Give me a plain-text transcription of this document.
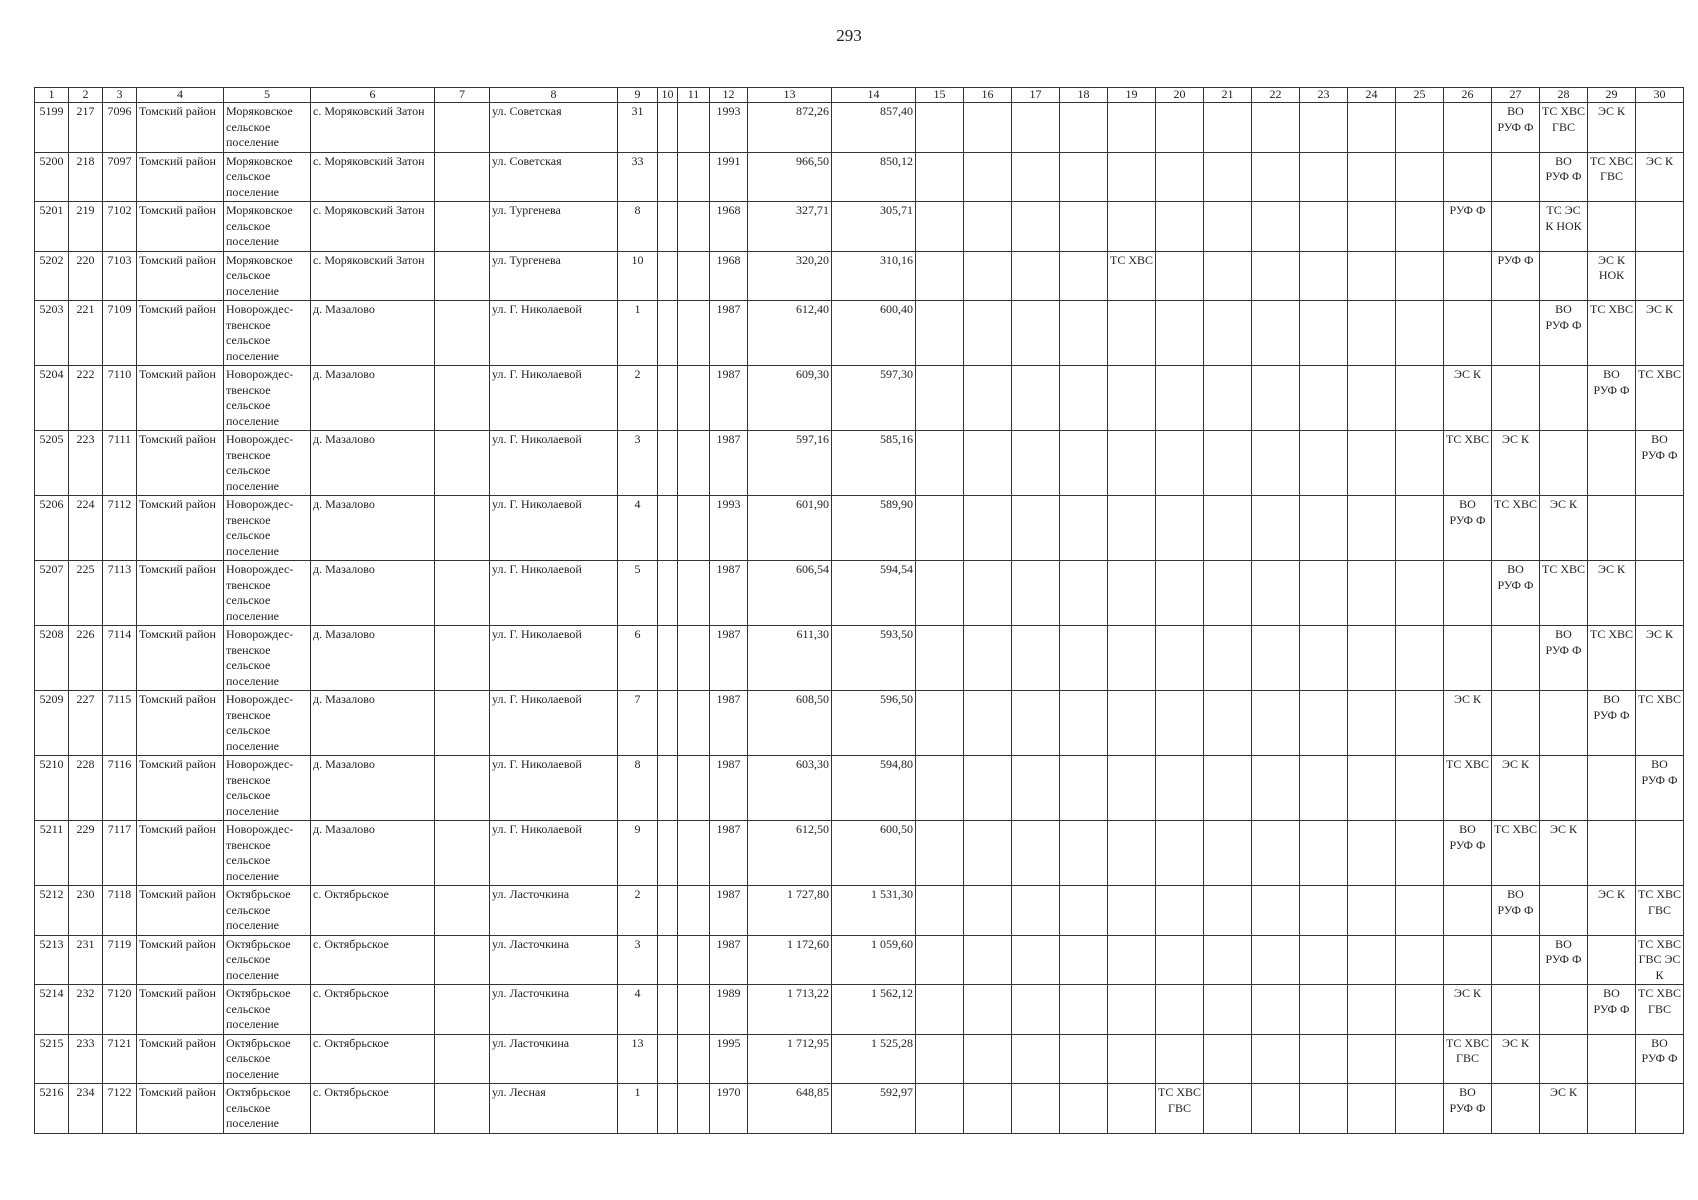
293
1	2	3	4	5	6	7	8	9	10	11	12	13	14	15	16	17	18	19	20	21	22	23	24	25	26	27	28	29	30
5199	217	7096	Томский район	Моряковское сельское поселение	с. Моряковский Затон		ул. Советская	31			1993	872,26	857,40													ВО РУФ Ф	ТС ХВС ГВС	ЭС К	
5200	218	7097	Томский район	Моряковское сельское поселение	с. Моряковский Затон		ул. Советская	33			1991	966,50	850,12														ВО РУФ Ф	ТС ХВС ГВС	ЭС К
5201	219	7102	Томский район	Моряковское сельское поселение	с. Моряковский Затон		ул. Тургенева	8			1968	327,71	305,71												РУФ Ф		ТС ЭС К НОК		
5202	220	7103	Томский район	Моряковское сельское поселение	с. Моряковский Затон		ул. Тургенева	10			1968	320,20	310,16					ТС ХВС								РУФ Ф		ЭС К НОК	
5203	221	7109	Томский район	Новорождес-твенское сельское поселение	д. Мазалово		ул. Г. Николаевой	1			1987	612,40	600,40														ВО РУФ Ф	ТС ХВС	ЭС К
5204	222	7110	Томский район	Новорождес-твенское сельское поселение	д. Мазалово		ул. Г. Николаевой	2			1987	609,30	597,30												ЭС К			ВО РУФ Ф	ТС ХВС
5205	223	7111	Томский район	Новорождес-твенское сельское поселение	д. Мазалово		ул. Г. Николаевой	3			1987	597,16	585,16												ТС ХВС	ЭС К			ВО РУФ Ф
5206	224	7112	Томский район	Новорождес-твенское сельское поселение	д. Мазалово		ул. Г. Николаевой	4			1993	601,90	589,90												ВО РУФ Ф	ТС ХВС	ЭС К		
5207	225	7113	Томский район	Новорождес-твенское сельское поселение	д. Мазалово		ул. Г. Николаевой	5			1987	606,54	594,54													ВО РУФ Ф	ТС ХВС	ЭС К	
5208	226	7114	Томский район	Новорождес-твенское сельское поселение	д. Мазалово		ул. Г. Николаевой	6			1987	611,30	593,50														ВО РУФ Ф	ТС ХВС	ЭС К
5209	227	7115	Томский район	Новорождес-твенское сельское поселение	д. Мазалово		ул. Г. Николаевой	7			1987	608,50	596,50												ЭС К			ВО РУФ Ф	ТС ХВС
5210	228	7116	Томский район	Новорождес-твенское сельское поселение	д. Мазалово		ул. Г. Николаевой	8			1987	603,30	594,80												ТС ХВС	ЭС К			ВО РУФ Ф
5211	229	7117	Томский район	Новорождес-твенское сельское поселение	д. Мазалово		ул. Г. Николаевой	9			1987	612,50	600,50												ВО РУФ Ф	ТС ХВС	ЭС К		
5212	230	7118	Томский район	Октябрьское сельское поселение	с. Октябрьское		ул. Ласточкина	2			1987	1 727,80	1 531,30													ВО РУФ Ф		ЭС К	ТС ХВС ГВС
5213	231	7119	Томский район	Октябрьское сельское поселение	с. Октябрьское		ул. Ласточкина	3			1987	1 172,60	1 059,60														ВО РУФ Ф		ТС ХВС ГВС ЭС К
5214	232	7120	Томский район	Октябрьское сельское поселение	с. Октябрьское		ул. Ласточкина	4			1989	1 713,22	1 562,12												ЭС К			ВО РУФ Ф	ТС ХВС ГВС
5215	233	7121	Томский район	Октябрьское сельское поселение	с. Октябрьское		ул. Ласточкина	13			1995	1 712,95	1 525,28												ТС ХВС ГВС	ЭС К			ВО РУФ Ф
5216	234	7122	Томский район	Октябрьское сельское поселение	с. Октябрьское		ул. Лесная	1			1970	648,85	592,97						ТС ХВС ГВС						ВО РУФ Ф		ЭС К		
